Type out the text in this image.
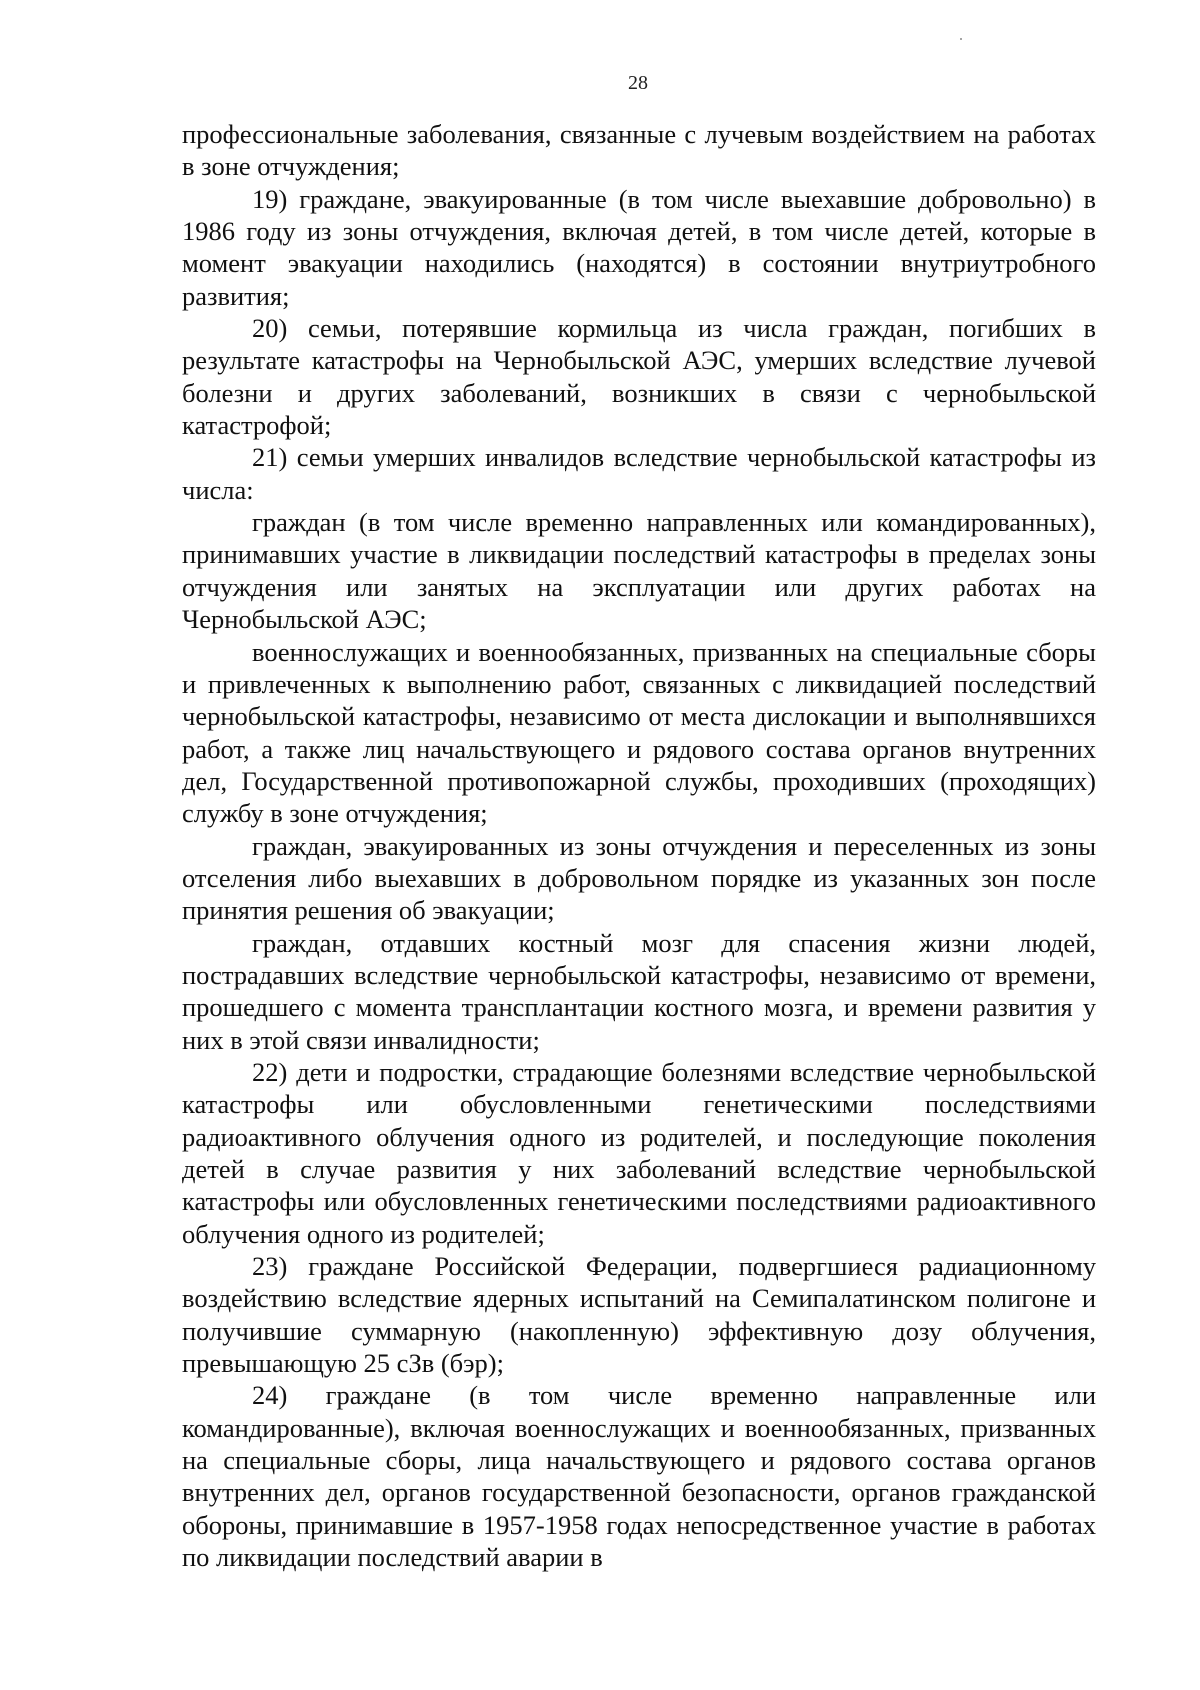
28

профессиональные заболевания, связанные с лучевым воздействием на работах в зоне отчуждения;

19) граждане, эвакуированные (в том числе выехавшие добровольно) в 1986 году из зоны отчуждения, включая детей, в том числе детей, которые в момент эвакуации находились (находятся) в состоянии внутриутробного развития;

20) семьи, потерявшие кормильца из числа граждан, погибших в результате катастрофы на Чернобыльской АЭС, умерших вследствие лучевой болезни и других заболеваний, возникших в связи с чернобыльской катастрофой;

21) семьи умерших инвалидов вследствие чернобыльской катастрофы из числа:

граждан (в том числе временно направленных или командированных), принимавших участие в ликвидации последствий катастрофы в пределах зоны отчуждения или занятых на эксплуатации или других работах на Чернобыльской АЭС;

военнослужащих и военнообязанных, призванных на специальные сборы и привлеченных к выполнению работ, связанных с ликвидацией последствий чернобыльской катастрофы, независимо от места дислокации и выполнявшихся работ, а также лиц начальствующего и рядового состава органов внутренних дел, Государственной противопожарной службы, проходивших (проходящих) службу в зоне отчуждения;

граждан, эвакуированных из зоны отчуждения и переселенных из зоны отселения либо выехавших в добровольном порядке из указанных зон после принятия решения об эвакуации;

граждан, отдавших костный мозг для спасения жизни людей, пострадавших вследствие чернобыльской катастрофы, независимо от времени, прошедшего с момента трансплантации костного мозга, и времени развития у них в этой связи инвалидности;

22) дети и подростки, страдающие болезнями вследствие чернобыльской катастрофы или обусловленными генетическими последствиями радиоактивного облучения одного из родителей, и последующие поколения детей в случае развития у них заболеваний вследствие чернобыльской катастрофы или обусловленных генетическими последствиями радиоактивного облучения одного из родителей;

23) граждане Российской Федерации, подвергшиеся радиационному воздействию вследствие ядерных испытаний на Семипалатинском полигоне и получившие суммарную (накопленную) эффективную дозу облучения, превышающую 25 сЗв (бэр);

24) граждане (в том числе временно направленные или командированные), включая военнослужащих и военнообязанных, призванных на специальные сборы, лица начальствующего и рядового состава органов внутренних дел, органов государственной безопасности, органов гражданской обороны, принимавшие в 1957-1958 годах непосредственное участие в работах по ликвидации последствий аварии в
